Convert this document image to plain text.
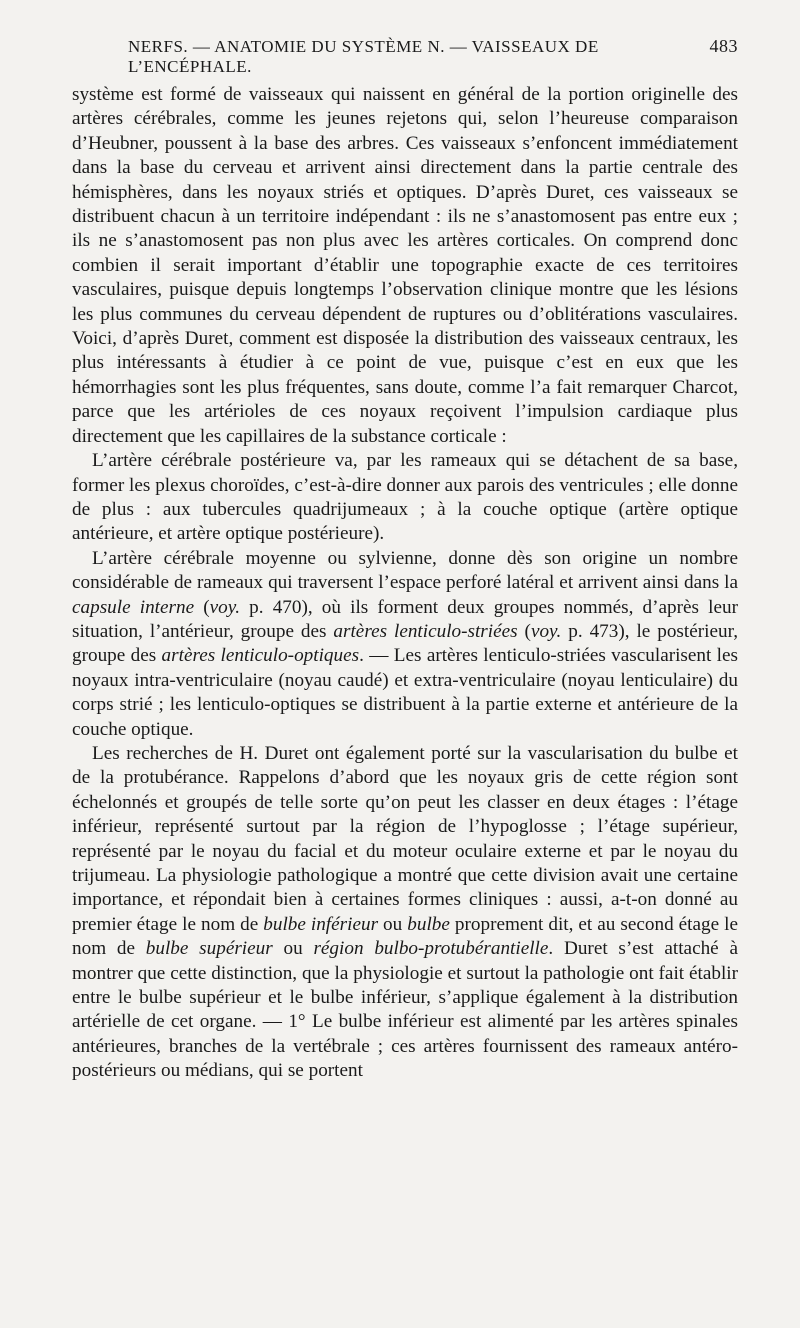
NERFS. — ANATOMIE DU SYSTÈME N. — VAISSEAUX DE L’ENCÉPHALE.
483

système est formé de vaisseaux qui naissent en général de la portion originelle des artères cérébrales, comme les jeunes rejetons qui, selon l’heureuse comparaison d’Heubner, poussent à la base des arbres. Ces vaisseaux s’enfoncent immédiatement dans la base du cerveau et arrivent ainsi directement dans la partie centrale des hémisphères, dans les noyaux striés et optiques. D’après Duret, ces vaisseaux se distribuent chacun à un territoire indépendant : ils ne s’anastomosent pas entre eux ; ils ne s’anastomosent pas non plus avec les artères corticales. On comprend donc combien il serait important d’établir une topographie exacte de ces territoires vasculaires, puisque depuis longtemps l’observation clinique montre que les lésions les plus communes du cerveau dépendent de ruptures ou d’oblitérations vasculaires. Voici, d’après Duret, comment est disposée la distribution des vaisseaux centraux, les plus intéressants à étudier à ce point de vue, puisque c’est en eux que les hémorrhagies sont les plus fréquentes, sans doute, comme l’a fait remarquer Charcot, parce que les artérioles de ces noyaux reçoivent l’impulsion cardiaque plus directement que les capillaires de la substance corticale :

L’artère cérébrale postérieure va, par les rameaux qui se détachent de sa base, former les plexus choroïdes, c’est-à-dire donner aux parois des ventricules ; elle donne de plus : aux tubercules quadrijumeaux ; à la couche optique (artère optique antérieure, et artère optique postérieure).

L’artère cérébrale moyenne ou sylvienne, donne dès son origine un nombre considérable de rameaux qui traversent l’espace perforé latéral et arrivent ainsi dans la capsule interne (voy. p. 470), où ils forment deux groupes nommés, d’après leur situation, l’antérieur, groupe des artères lenticulo-striées (voy. p. 473), le postérieur, groupe des artères lenticulo-optiques. — Les artères lenticulo-striées vascularisent les noyaux intra-ventriculaire (noyau caudé) et extra-ventriculaire (noyau lenticulaire) du corps strié ; les lenticulo-optiques se distribuent à la partie externe et antérieure de la couche optique.

Les recherches de H. Duret ont également porté sur la vascularisation du bulbe et de la protubérance. Rappelons d’abord que les noyaux gris de cette région sont échelonnés et groupés de telle sorte qu’on peut les classer en deux étages : l’étage inférieur, représenté surtout par la région de l’hypoglosse ; l’étage supérieur, représenté par le noyau du facial et du moteur oculaire externe et par le noyau du trijumeau. La physiologie pathologique a montré que cette division avait une certaine importance, et répondait bien à certaines formes cliniques : aussi, a-t-on donné au premier étage le nom de bulbe inférieur ou bulbe proprement dit, et au second étage le nom de bulbe supérieur ou région bulbo-protubérantielle. Duret s’est attaché à montrer que cette distinction, que la physiologie et surtout la pathologie ont fait établir entre le bulbe supérieur et le bulbe inférieur, s’applique également à la distribution artérielle de cet organe. — 1° Le bulbe inférieur est alimenté par les artères spinales antérieures, branches de la vertébrale ; ces artères fournissent des rameaux antéro-postérieurs ou médians, qui se portent
